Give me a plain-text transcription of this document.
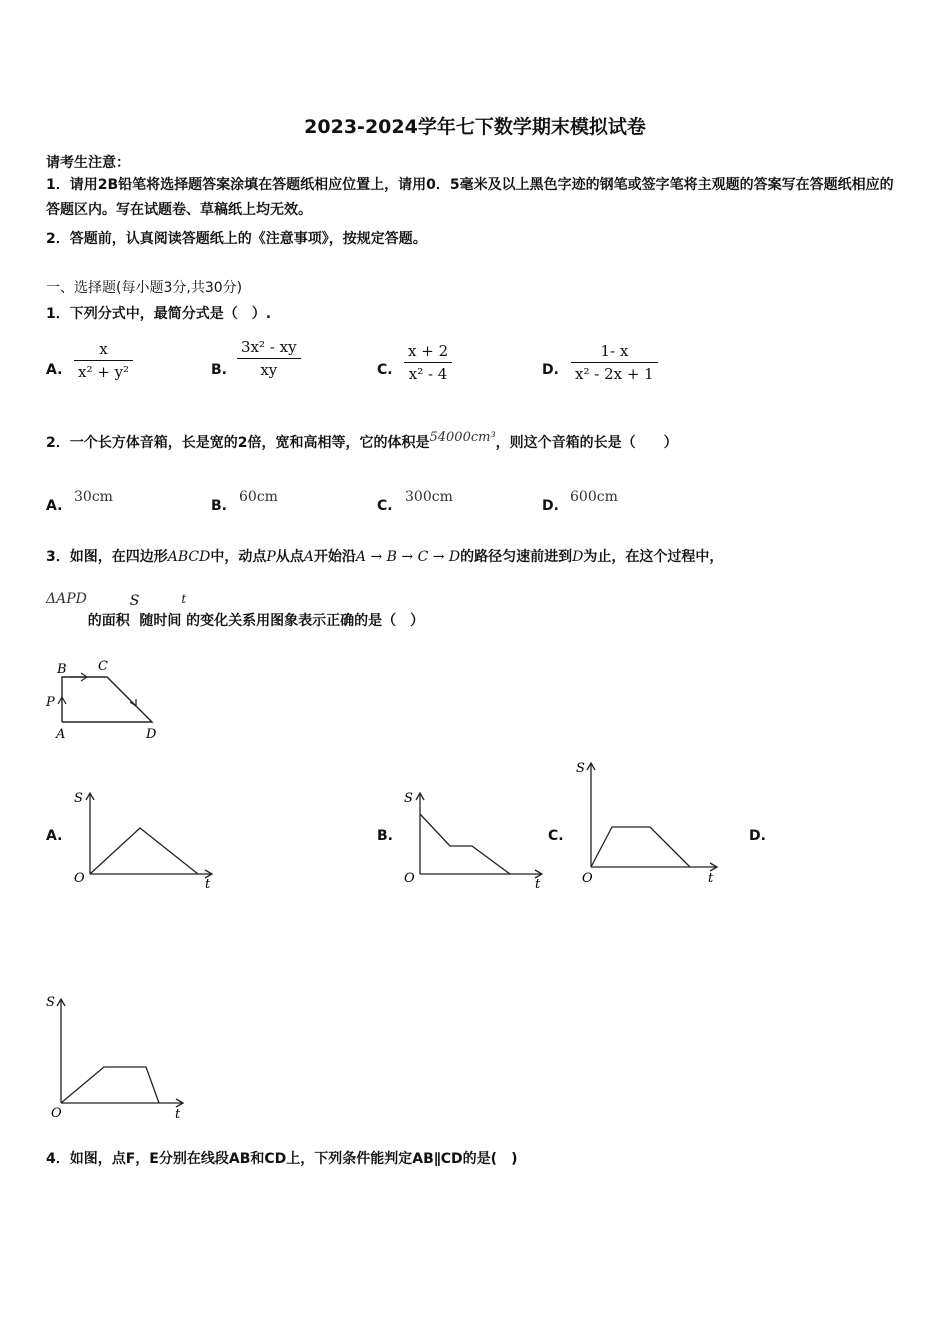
2023-2024学年七下数学期末模拟试卷
请考生注意：
1．请用2B铅笔将选择题答案涂填在答题纸相应位置上，请用0．5毫米及以上黑色字迹的钢笔或签字笔将主观题的答案写在答题纸相应的答题区内。写在试题卷、草稿纸上均无效。
2．答题前，认真阅读答题纸上的《注意事项》，按规定答题。
一、选择题(每小题3分,共30分)
1．下列分式中，最简分式是（　）.
A. $\frac{x}{\text{x² + y²}}$	B. $\frac{\text{3x² - xy}}{xy}$	C. $\frac{x + 2}{\text{x² - 4}}$	D. $\frac{1- x}{\text{x² - 2x + 1}}$
2．一个长方体音箱，长是宽的2倍，宽和高相等，它的体积是54000cm³，则这个音箱的长是（　　）
A.
30cm
B.
60cm
C.
300cm
D.
600cm
3．如图，在四边形ABCD中，动点P从点A开始沿A → B → C → D的路径匀速前进到D为止，在这个过程中，
ΔAPD 的面积S随时间t的变化关系用图象表示正确的是（　）
B C
P
A	D
A.	B.	C.	D.
S
O	t
S
O	t
S
O	t
S
O	t
4．如图，点F，E分别在线段AB和CD上，下列条件能判定AB∥CD的是(　)
